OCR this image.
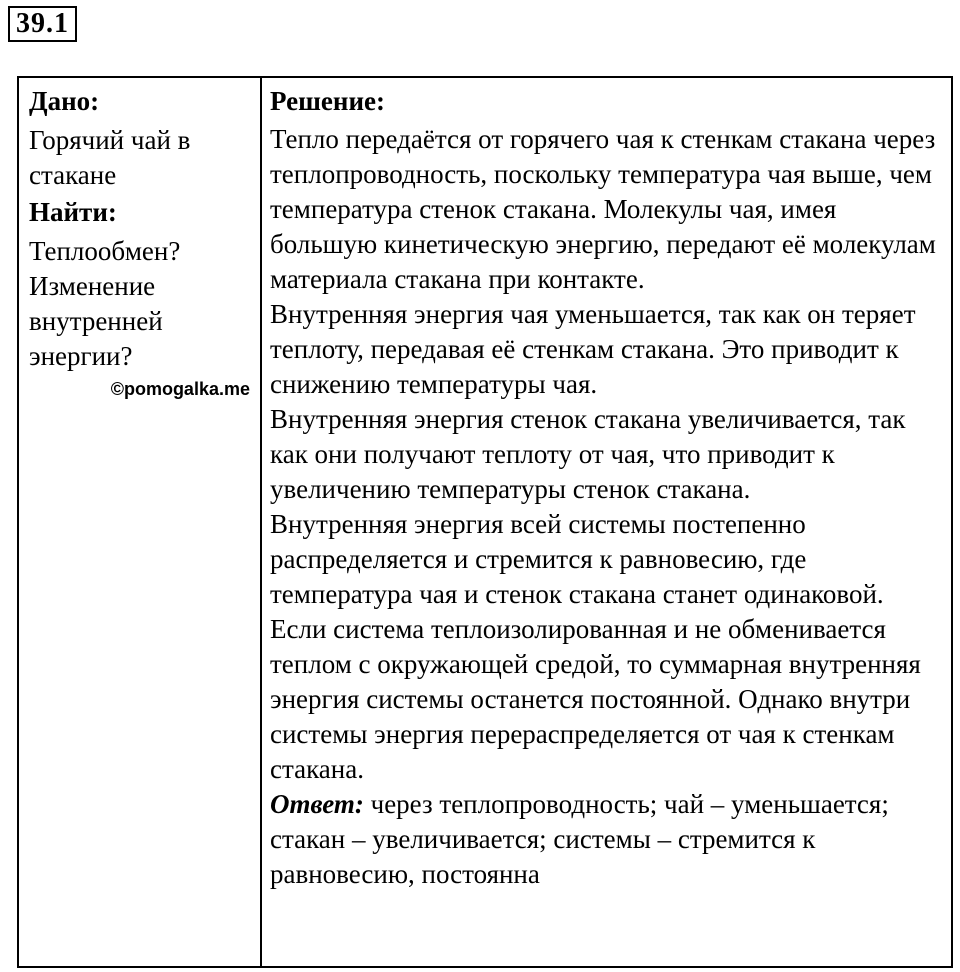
39.1
Дано:
Горячий чай в стакане
Найти:
Теплообмен? Изменение внутренней энергии?
©pomogalka.me

Решение:
Тепло передаётся от горячего чая к стенкам стакана через теплопроводность, поскольку температура чая выше, чем температура стенок стакана. Молекулы чая, имея большую кинетическую энергию, передают её молекулам материала стакана при контакте.
Внутренняя энергия чая уменьшается, так как он теряет теплоту, передавая её стенкам стакана. Это приводит к снижению температуры чая.
Внутренняя энергия стенок стакана увеличивается, так как они получают теплоту от чая, что приводит к увеличению температуры стенок стакана.
Внутренняя энергия всей системы постепенно распределяется и стремится к равновесию, где температура чая и стенок стакана станет одинаковой. Если система теплоизолированная и не обменивается теплом с окружающей средой, то суммарная внутренняя энергия системы останется постоянной. Однако внутри системы энергия перераспределяется от чая к стенкам стакана.
Ответ: через теплопроводность; чай – уменьшается; стакан – увеличивается; системы – стремится к равновесию, постоянна
